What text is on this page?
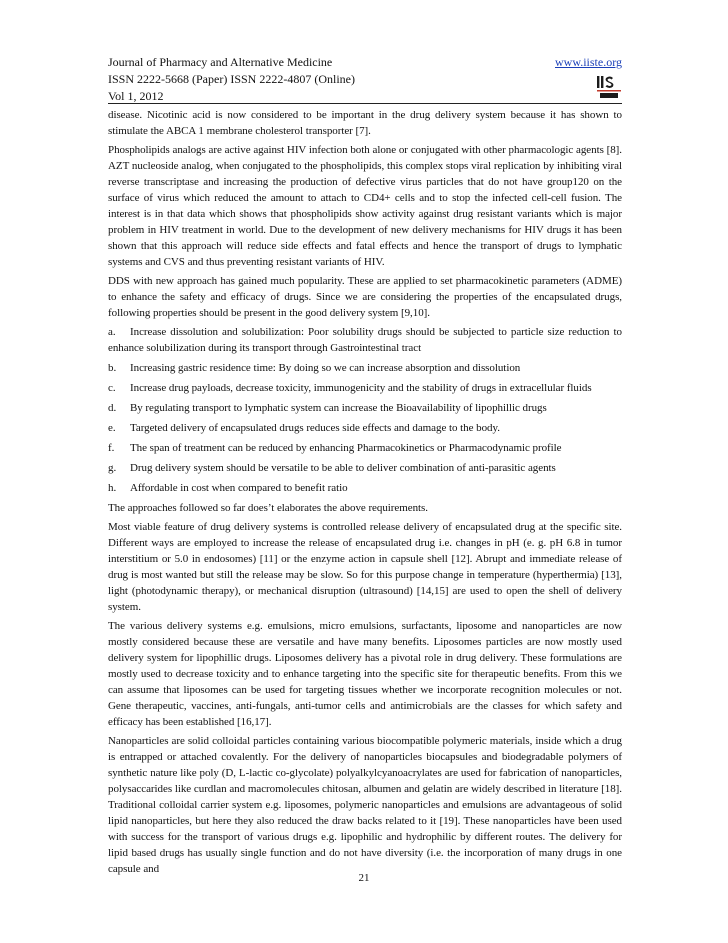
Journal of Pharmacy and Alternative Medicine
ISSN 2222-5668 (Paper) ISSN 2222-4807 (Online)
Vol 1, 2012
www.iiste.org

disease. Nicotinic acid is now considered to be important in the drug delivery system because it has shown to stimulate the ABCA 1 membrane cholesterol transporter [7].

Phospholipids analogs are active against HIV infection both alone or conjugated with other pharmacologic agents [8]. AZT nucleoside analog, when conjugated to the phospholipids, this complex stops viral replication by inhibiting viral reverse transcriptase and increasing the production of defective virus particles that do not have group120 on the surface of virus which reduced the amount to attach to CD4+ cells and to stop the infected cell-cell fusion. The interest is in that data which shows that phospholipids show activity against drug resistant variants which is major problem in HIV treatment in world. Due to the development of new delivery mechanisms for HIV drugs it has been shown that this approach will reduce side effects and fatal effects and hence the transport of drugs to lymphatic systems and CVS and thus preventing resistant variants of HIV.

DDS with new approach has gained much popularity. These are applied to set pharmacokinetic parameters (ADME) to enhance the safety and efficacy of drugs. Since we are considering the properties of the encapsulated drugs, following properties should be present in the good delivery system [9,10].

a. Increase dissolution and solubilization: Poor solubility drugs should be subjected to particle size reduction to enhance solubilization during its transport through Gastrointestinal tract
b.	Increasing gastric residence time: By doing so we can increase absorption and dissolution
c. Increase drug payloads, decrease toxicity, immunogenicity and the stability of drugs in extracellular fluids
d.	By regulating transport to lymphatic system can increase the Bioavailability of lipophillic drugs
e.	Targeted delivery of encapsulated drugs reduces side effects and damage to the body.
f.	The span of treatment can be reduced by enhancing Pharmacokinetics or Pharmacodynamic profile
g.	Drug delivery system should be versatile to be able to deliver combination of anti-parasitic agents
h.	Affordable in cost when compared to benefit ratio

The approaches followed so far does’t elaborates the above requirements.

Most viable feature of drug delivery systems is controlled release delivery of encapsulated drug at the specific site. Different ways are employed to increase the release of encapsulated drug i.e. changes in pH (e. g. pH 6.8 in tumor interstitium or 5.0 in endosomes) [11] or the enzyme action in capsule shell [12]. Abrupt and immediate release of drug is most wanted but still the release may be slow. So for this purpose change in temperature (hyperthermia) [13], light (photodynamic therapy), or mechanical disruption (ultrasound) [14,15] are used to open the shell of delivery system.

The various delivery systems e.g. emulsions, micro emulsions, surfactants, liposome and nanoparticles are now mostly considered because these are versatile and have many benefits. Liposomes particles are now mostly used delivery system for lipophillic drugs. Liposomes delivery has a pivotal role in drug delivery. These formulations are mostly used to decrease toxicity and to enhance targeting into the specific site for therapeutic benefits. From this we can assume that liposomes can be used for targeting tissues whether we incorporate recognition molecules or not. Gene therapeutic, vaccines, anti-fungals, anti-tumor cells and antimicrobials are the classes for which safety and efficacy has been established [16,17].

Nanoparticles are solid colloidal particles containing various biocompatible polymeric materials, inside which a drug is entrapped or attached covalently. For the delivery of nanoparticles biocapsules and biodegradable polymers of synthetic nature like poly (D, L-lactic co-glycolate) polyalkylcyanoacrylates are used for fabrication of nanoparticles, polysaccarides like curdlan and macromolecules chitosan, albumen and gelatin are widely described in literature [18]. Traditional colloidal carrier system e.g. liposomes, polymeric nanoparticles and emulsions are advantageous of solid lipid nanoparticles, but here they also reduced the draw backs related to it [19]. These nanoparticles have been used with success for the transport of various drugs e.g. lipophilic and hydrophilic by different routes. The delivery for lipid based drugs has usually single function and do not have diversity (i.e. the incorporation of many drugs in one capsule and

21
